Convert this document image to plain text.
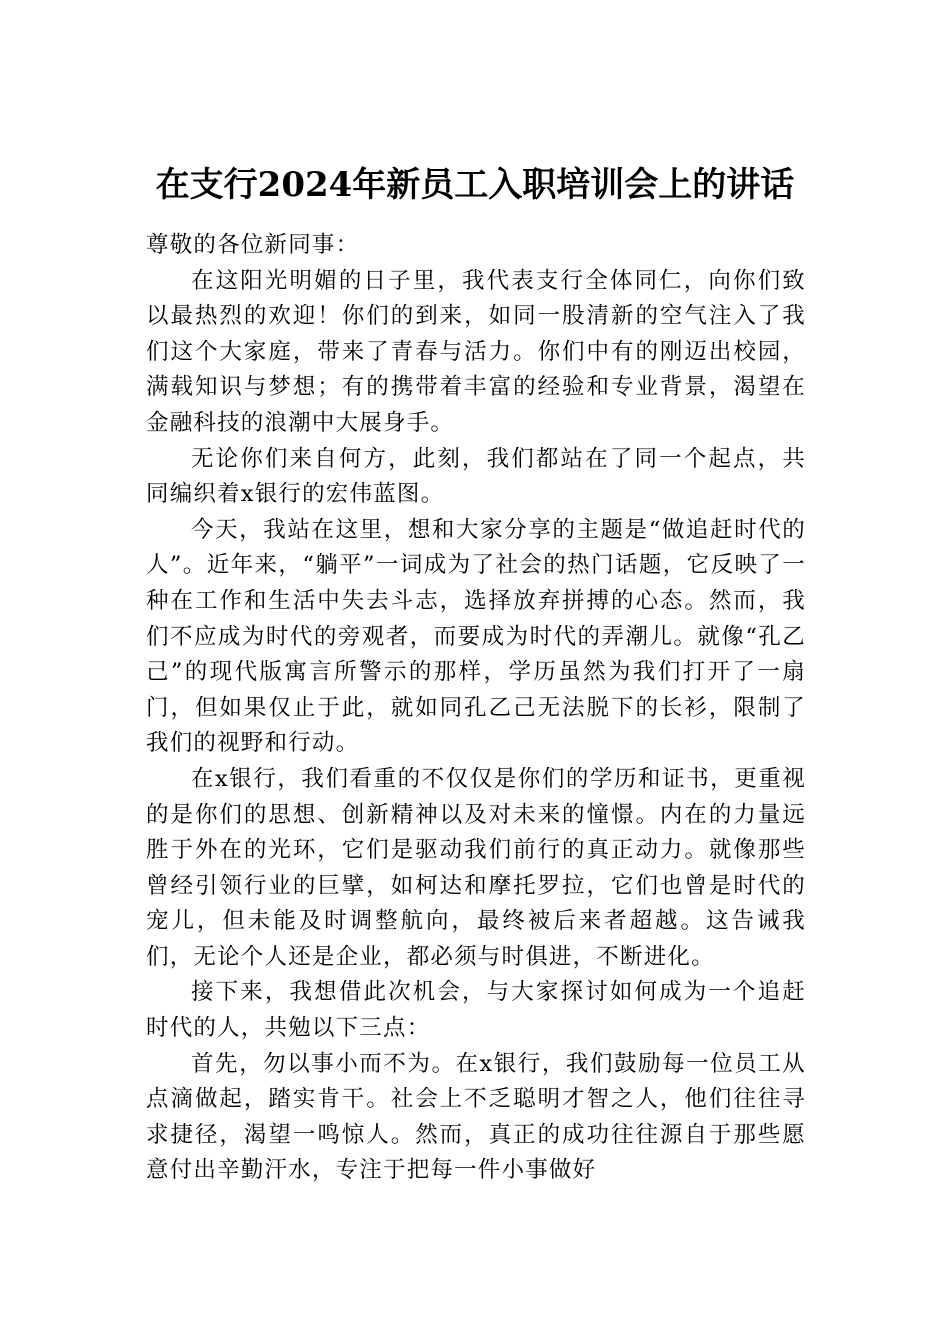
在支行2024年新员工入职培训会上的讲话

尊敬的各位新同事：

在这阳光明媚的日子里，我代表支行全体同仁，向你们致以最热烈的欢迎！你们的到来，如同一股清新的空气注入了我们这个大家庭，带来了青春与活力。你们中有的刚迈出校园，满载知识与梦想；有的携带着丰富的经验和专业背景，渴望在金融科技的浪潮中大展身手。

无论你们来自何方，此刻，我们都站在了同一个起点，共同编织着x银行的宏伟蓝图。

今天，我站在这里，想和大家分享的主题是“做追赶时代的人”。近年来，“躺平”一词成为了社会的热门话题，它反映了一种在工作和生活中失去斗志，选择放弃拼搏的心态。然而，我们不应成为时代的旁观者，而要成为时代的弄潮儿。就像“孔乙己”的现代版寓言所警示的那样，学历虽然为我们打开了一扇门，但如果仅止于此，就如同孔乙己无法脱下的长衫，限制了我们的视野和行动。

在x银行，我们看重的不仅仅是你们的学历和证书，更重视的是你们的思想、创新精神以及对未来的憧憬。内在的力量远胜于外在的光环，它们是驱动我们前行的真正动力。就像那些曾经引领行业的巨擘，如柯达和摩托罗拉，它们也曾是时代的宠儿，但未能及时调整航向，最终被后来者超越。这告诫我们，无论个人还是企业，都必须与时俱进，不断进化。

接下来，我想借此次机会，与大家探讨如何成为一个追赶时代的人，共勉以下三点：

首先，勿以事小而不为。在x银行，我们鼓励每一位员工从点滴做起，踏实肯干。社会上不乏聪明才智之人，他们往往寻求捷径，渴望一鸣惊人。然而，真正的成功往往源自于那些愿意付出辛勤汗水，专注于把每一件小事做好
